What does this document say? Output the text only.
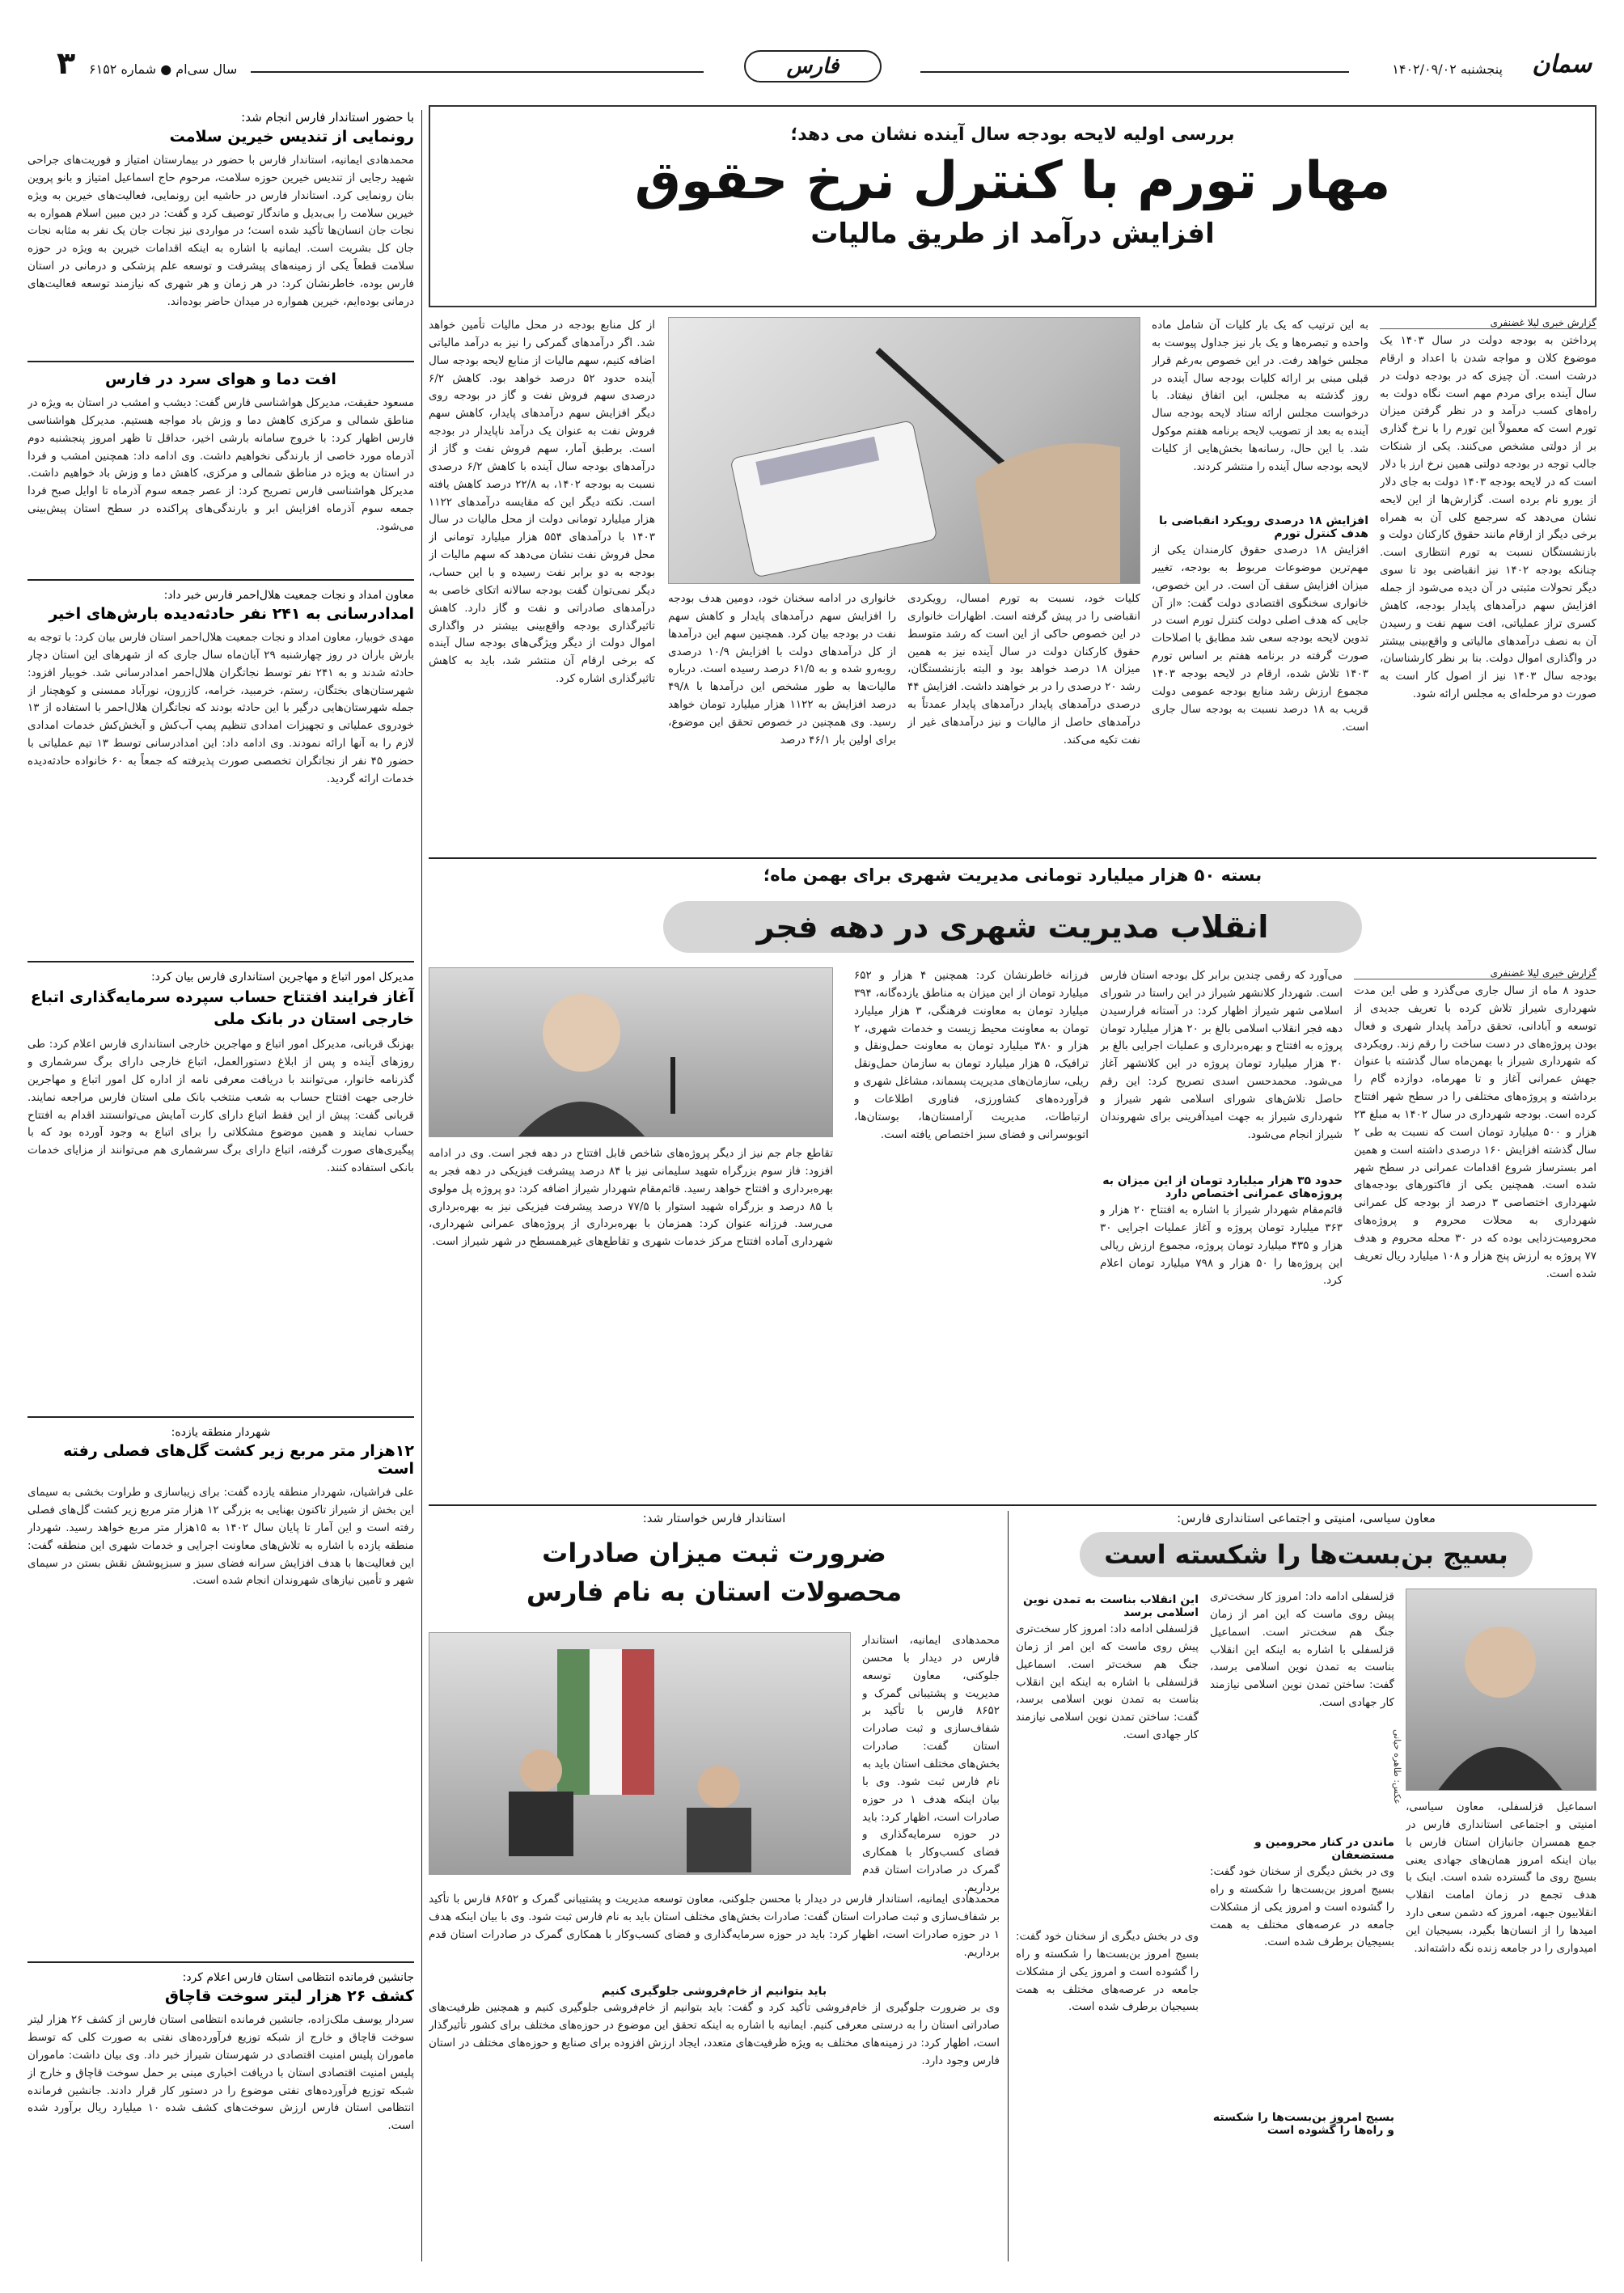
سمان
پنجشنبه ۱۴۰۲/۰۹/۰۲
فارس
سال سی‌ام ● شماره ۶۱۵۲
۳
با حضور استاندار فارس انجام شد:
رونمایی از تندیس خیرین سلامت
محمدهادی ایمانیه، استاندار فارس با حضور در بیمارستان امتیاز و فوریت‌های جراحی شهید رجایی از تندیس خیرین حوزه سلامت، مرحوم حاج اسماعیل امتیاز و بانو پروین بنان رونمایی کرد. استاندار فارس در حاشیه این رونمایی، فعالیت‌های خیرین به ویژه خیرین سلامت را بی‌بدیل و ماندگار توصیف کرد و گفت: در دین مبین اسلام همواره به نجات جان انسان‌ها تأکید شده است؛ در مواردی نیز نجات جان یک نفر به مثابه نجات جان کل بشریت است. ایمانیه با اشاره به اینکه اقدامات خیرین به ویژه در حوزه سلامت قطعاً یکی از زمینه‌های پیشرفت و توسعه علم پزشکی و درمانی در استان فارس بوده، خاطرنشان کرد: در هر زمان و هر شهری که نیازمند توسعه فعالیت‌های درمانی بوده‌ایم، خیرین همواره در میدان حاضر بوده‌اند.
افت دما و هوای سرد در فارس
مسعود حقیقت، مدیرکل هواشناسی فارس گفت: دیشب و امشب در استان به ویژه در مناطق شمالی و مرکزی کاهش دما و وزش باد مواجه هستیم. مدیرکل هواشناسی فارس اظهار کرد: با خروج سامانه بارشی اخیر، حداقل تا ظهر امروز پنجشنبه دوم آذرماه مورد خاصی از بارندگی نخواهیم داشت. وی ادامه داد: همچنین امشب و فردا در استان به ویژه در مناطق شمالی و مرکزی، کاهش دما و وزش باد خواهیم داشت. مدیرکل هواشناسی فارس تصریح کرد: از عصر جمعه سوم آذرماه تا اوایل صبح فردا جمعه سوم آذرماه افزایش ابر و بارندگی‌های پراکنده در سطح استان پیش‌بینی می‌شود.
معاون امداد و نجات جمعیت هلال‌احمر فارس خبر داد:
امدادرسانی به ۲۴۱ نفر حادثه‌دیده بارش‌های اخیر
مهدی خوبیار، معاون امداد و نجات جمعیت هلال‌احمر استان فارس بیان کرد: با توجه به بارش باران در روز چهارشنبه ۲۹ آبان‌ماه سال جاری که از شهرهای این استان دچار حادثه شدند و به ۲۴۱ نفر توسط نجاتگران هلال‌احمر امدادرسانی شد. خوبیار افزود: شهرستان‌های بختگان، رستم، خرمبید، خرامه، کازرون، نورآباد ممسنی و کوهچنار از جمله شهرستان‌هایی درگیر با این حادثه بودند که نجاتگران هلال‌احمر با استفاده از ۱۳ خودروی عملیاتی و تجهیزات امدادی تنظیم پمپ آب‌کش و آبخش‌کش خدمات امدادی لازم را به آنها ارائه نمودند. وی ادامه داد: این امدادرسانی توسط ۱۳ تیم عملیاتی با حضور ۴۵ نفر از نجاتگران تخصصی صورت پذیرفته که جمعاً به ۶۰ خانواده حادثه‌دیده خدمات ارائه گردید.
مدیرکل امور اتباع و مهاجرین استانداری فارس بیان کرد:
آغاز فرایند افتتاح حساب سپرده سرمایه‌گذاری اتباع خارجی استان در بانک ملی
بهزنگ قربانی، مدیرکل امور اتباع و مهاجرین خارجی استانداری فارس اعلام کرد: طی روزهای آینده و پس از ابلاغ دستورالعمل، اتباع خارجی دارای برگ سرشماری و گذرنامه خانوار، می‌توانند با دریافت معرفی نامه از اداره کل امور اتباع و مهاجرین خارجی جهت افتتاح حساب به شعب منتخب بانک ملی استان فارس مراجعه نمایند. قربانی گفت: پیش از این فقط اتباع دارای کارت آمایش می‌توانستند اقدام به افتتاح حساب نمایند و همین موضوع مشکلاتی را برای اتباع به وجود آورده بود که با پیگیری‌های صورت گرفته، اتباع دارای برگ سرشماری هم می‌توانند از مزایای خدمات بانکی استفاده کنند.
شهردار منطقه یازده:
۱۲هزار متر مربع زیر کشت گل‌های فصلی رفته است
علی فراشیان، شهردار منطقه یازده گفت: برای زیباسازی و طراوت بخشی به سیمای این بخش از شیراز تاکنون بهنایی به بزرگی ۱۲ هزار متر مربع زیر کشت گل‌های فصلی رفته است و این آمار تا پایان سال ۱۴۰۲ به ۱۵هزار متر مربع خواهد رسید. شهردار منطقه یازده با اشاره به تلاش‌های معاونت اجرایی و خدمات شهری این منطقه گفت: این فعالیت‌ها با هدف افزایش سرانه فضای سبز و سبزپوشش نقش بستن در سیمای شهر و تأمین نیازهای شهروندان انجام شده است.
جانشین فرمانده انتظامی استان فارس اعلام کرد:
کشف ۲۶ هزار لیتر سوخت قاچاق
سردار یوسف ملک‌زاده، جانشین فرمانده انتظامی استان فارس از کشف ۲۶ هزار لیتر سوخت قاچاق و خارج از شبکه توزیع فرآورده‌های نفتی به صورت کلی که توسط ماموران پلیس امنیت اقتصادی در شهرستان شیراز خبر داد. وی بیان داشت: ماموران پلیس امنیت اقتصادی استان با دریافت اخباری مبنی بر حمل سوخت قاچاق و خارج از شبکه توزیع فرآورده‌های نفتی موضوع را در دستور کار قرار دادند. جانشین فرمانده انتظامی استان فارس ارزش سوخت‌های کشف شده ۱۰ میلیارد ریال برآورد شده است.
بررسی اولیه لایحه بودجه سال آینده نشان می دهد؛
مهار تورم با کنترل نرخ حقوق
افزایش درآمد از طریق مالیات
گزارش خبری لیلا غضنفری
پرداختن به بودجه دولت در سال ۱۴۰۳ یک موضوع کلان و مواجه شدن با اعداد و ارقام درشت است. آن چیزی که در بودجه دولت در سال آینده برای مردم مهم است نگاه دولت به راه‌های کسب درآمد و در نظر گرفتن میزان تورم است که معمولاً این تورم را با نرخ گذاری بر از دولتی مشخص می‌کنند. یکی از شنکات جالب توجه در بودجه دولتی همین نرخ ارز با دلار است که در لایحه بودجه ۱۴۰۳ دولت به جای دلار از یورو نام برده است. گزارش‌ها از این لایحه نشان می‌دهد که سرجمع کلی آن به همراه برخی دیگر از ارقام مانند حقوق کارکنان دولت و بازنشستگان نسبت به تورم انتظاری است. چنانکه بودجه ۱۴۰۲ نیز انقباضی بود تا سوی دیگر تحولات مثبتی در آن دیده می‌شود از جمله افزایش سهم درآمدهای پایدار بودجه، کاهش کسری تراز عملیاتی، افت سهم نفت و رسیدن آن به نصف درآمدهای مالیاتی و واقع‌بینی بیشتر در واگذاری اموال دولت. بنا بر نظر کارشناسان، بودجه سال ۱۴۰۳ نیز از اصول کار است به صورت دو مرحله‌ای به مجلس ارائه شود.
به این ترتیب که یک بار کلیات آن شامل ماده واحده و تبصره‌ها و یک بار نیز جداول پیوست به مجلس خواهد رفت. در این خصوص به‌رغم قرار قبلی مبنی بر ارائه کلیات بودجه سال آینده در روز گذشته به مجلس، این اتفاق نیفتاد. با درخواست مجلس ارائه ستاد لایحه بودجه سال آینده به بعد از تصویب لایحه برنامه هفتم موکول شد. با این حال، رسانه‌ها بخش‌هایی از کلیات لایحه بودجه سال آینده را منتشر کردند.
افزایش ۱۸ درصدی رویکرد انقباضی با هدف کنترل تورم
افزایش ۱۸ درصدی حقوق کارمندان یکی از مهم‌ترین موضوعات مربوط به بودجه، تغییر میزان افزایش سقف آن است. در این خصوص، خانواری سخنگوی اقتصادی دولت گفت: «از آن جایی که هدف اصلی دولت کنترل تورم است در تدوین لایحه بودجه سعی شد مطابق با اصلاحات صورت گرفته در برنامه هفتم بر اساس تورم ۱۴۰۳ تلاش شده، ارقام در لایحه بودجه ۱۴۰۳ مجموع ارزش رشد منابع بودجه عمومی دولت قریب به ۱۸ درصد نسبت به بودجه سال جاری است.
کلیات خود، نسبت به تورم امسال، رویکردی انقباضی را در پیش گرفته است. اظهارات خانواری در این خصوص حاکی از این است که رشد متوسط حقوق کارکنان دولت در سال آینده نیز به همین میزان ۱۸ درصد خواهد بود و البته بازنشستگان، رشد ۲۰ درصدی را در بر خواهند داشت. افزایش ۴۴ درصدی درآمدهای پایدار درآمدهای پایدار عمدتاً به درآمدهای حاصل از مالیات و نیز درآمدهای غیر از نفت تکیه می‌کند.
خانواری در ادامه سخنان خود، دومین هدف بودجه را افزایش سهم درآمدهای پایدار و کاهش سهم نفت در بودجه بیان کرد. همچنین سهم این درآمدها از کل درآمدهای دولت با افزایش ۱۰/۹ درصدی روبه‌رو شده و به ۶۱/۵ درصد رسیده است. درباره مالیات‌ها به طور مشخص این درآمدها با ۴۹/۸ درصد افزایش به ۱۱۲۲ هزار میلیارد تومان خواهد رسید. وی همچنین در خصوص تحقق این موضوع، برای اولین بار ۴۶/۱ درصد
از کل منابع بودجه در محل مالیات تأمین خواهد شد. اگر درآمدهای گمرکی را نیز به درآمد مالیاتی اضافه کنیم، سهم مالیات از منابع لایحه بودجه سال آینده حدود ۵۲ درصد خواهد بود. کاهش ۶/۲ درصدی سهم فروش نفت و گاز در بودجه روی دیگر افزایش سهم درآمدهای پایدار، کاهش سهم فروش نفت به عنوان یک درآمد ناپایدار در بودجه است. برطبق آمار، سهم فروش نفت و گاز از درآمدهای بودجه سال آینده با کاهش ۶/۲ درصدی نسبت به بودجه ۱۴۰۲، به ۲۲/۸ درصد کاهش یافته است. نکته دیگر این که مقایسه درآمدهای ۱۱۲۲ هزار میلیارد تومانی دولت از محل مالیات در سال ۱۴۰۳ با درآمدهای ۵۵۴ هزار میلیارد تومانی از محل فروش نفت نشان می‌دهد که سهم مالیات از بودجه به دو برابر نفت رسیده و با این حساب، دیگر نمی‌توان گفت بودجه سالانه اتکای خاصی به درآمدهای صادراتی و نفت و گاز دارد. کاهش تاثیرگذاری بودجه واقع‌بینی بیشتر در واگذاری اموال دولت از دیگر ویژگی‌های بودجه سال آینده که برخی ارقام آن منتشر شد، باید به کاهش تاثیرگذاری اشاره کرد.
بسته ۵۰ هزار میلیارد تومانی مدیریت شهری برای بهمن ماه؛
انقلاب مدیریت شهری در دهه فجر
گزارش خبری لیلا غضنفری
حدود ۸ ماه از سال جاری می‌گذرد و طی این مدت شهرداری شیراز تلاش کرده با تعریف جدیدی از توسعه و آبادانی، تحقق درآمد پایدار شهری و فعال بودن پروژه‌های در دست ساخت را رقم زند. رویکردی که شهرداری شیراز با بهمن‌ماه سال گذشته با عنوان جهش عمرانی آغاز و تا مهرماه، دوازده گام را برداشته و پروژه‌های مختلفی را در سطح شهر افتتاح کرده است. بودجه شهرداری در سال ۱۴۰۲ به مبلغ ۲۳ هزار و ۵۰۰ میلیارد تومان است که نسبت به طی ۲ سال گذشته افزایش ۱۶۰ درصدی داشته است و همین امر بسترساز شروع اقدامات عمرانی در سطح شهر شده است. همچنین یکی از فاکتورهای بودجه‌های شهرداری اختصاصی ۳ درصد از بودجه کل عمرانی شهرداری به محلات محروم و پروژه‌های محرومیت‌زدایی بوده که در ۳۰ محله محروم و هدف ۷۷ پروژه به ارزش پنج هزار و ۱۰۸ میلیارد ریال تعریف شده است.
می‌آورد که رقمی چندین برابر کل بودجه استان فارس است. شهردار کلانشهر شیراز در این راستا در شورای اسلامی شهر شیراز اظهار کرد: در آستانه فرارسیدن دهه فجر انقلاب اسلامی بالغ بر ۲۰ هزار میلیارد تومان پروژه به افتتاح و بهره‌برداری و عملیات اجرایی بالغ بر ۳۰ هزار میلیارد تومان پروژه در این کلانشهر آغاز می‌شود. محمدحسن اسدی تصریح کرد: این رقم حاصل تلاش‌های شورای اسلامی شهر شیراز و شهرداری شیراز به جهت امیدآفرینی برای شهروندان شیراز انجام می‌شود.
حدود ۳۵ هزار میلیارد تومان از این میزان به پروژه‌های عمرانی اختصاص دارد
قائم‌مقام شهردار شیراز با اشاره به افتتاح ۲۰ هزار و ۳۶۳ میلیارد تومان پروژه و آغاز عملیات اجرایی ۳۰ هزار و ۴۳۵ میلیارد تومان پروژه، مجموع ارزش ریالی این پروژه‌ها را ۵۰ هزار و ۷۹۸ میلیارد تومان اعلام کرد.
فرزانه خاطرنشان کرد: همچنین ۴ هزار و ۶۵۲ میلیارد تومان از این میزان به مناطق یازده‌گانه، ۳۹۴ میلیارد تومان به معاونت فرهنگی، ۳ هزار میلیارد تومان به معاونت محیط زیست و خدمات شهری، ۲ هزار و ۳۸۰ میلیارد تومان به معاونت حمل‌ونقل و ترافیک، ۵ هزار میلیارد تومان به سازمان حمل‌ونقل ریلی، سازمان‌های مدیریت پسماند، مشاغل شهری و فرآورده‌های کشاورزی، فناوری اطلاعات و ارتباطات، مدیریت آرامستان‌ها، بوستان‌ها، اتوبوسرانی و فضای سبز اختصاص یافته است.
تقاطع جام جم نیز از دیگر پروژه‌های شاخص قابل افتتاح در دهه فجر است. وی در ادامه افزود: فاز سوم بزرگراه شهید سلیمانی نیز با ۸۴ درصد پیشرفت فیزیکی در دهه فجر به بهره‌برداری و افتتاح خواهد رسید. قائم‌مقام شهردار شیراز اضافه کرد: دو پروژه پل مولوی با ۸۵ درصد و بزرگراه شهید استوار با ۷۷/۵ درصد پیشرفت فیزیکی نیز به بهره‌برداری می‌رسد. فرزانه عنوان کرد: همزمان با بهره‌برداری از پروژه‌های عمرانی شهرداری، شهرداری آماده افتتاح مرکز خدمات شهری و تقاطع‌های غیرهمسطح در شهر شیراز است.
معاون سیاسی، امنیتی و اجتماعی استانداری فارس:
بسیج بن‌بست‌ها را شکسته است
عکس: طاهره حیانی
اسماعیل قزلسفلی، معاون سیاسی، امنیتی و اجتماعی استانداری فارس در جمع همسران جانبازان استان فارس با بیان اینکه امروز همان‌های جهادی یعنی بسیج روی ما گسترده شده است. اینک با هدف تجمع در زمان امامت انقلاب انقلابیون جبهه، امروز که دشمن سعی دارد امیدها را از انسان‌ها بگیرد، بسیجیان این امیدواری را در جامعه زنده نگه داشته‌اند.
قزلسفلی ادامه داد: امروز کار سخت‌تری پیش روی ماست که این امر از زمان جنگ هم سخت‌تر است. اسماعیل قزلسفلی با اشاره به اینکه این انقلاب بناست به تمدن نوین اسلامی برسد، گفت: ساختن تمدن نوین اسلامی نیازمند کار جهادی است.
ماندن در کنار محرومین و مستضعفان
وی در بخش دیگری از سخنان خود گفت: بسیج امروز بن‌بست‌ها را شکسته و راه را گشوده است و امروز یکی از مشکلات جامعه در عرصه‌های مختلف به همت بسیجیان برطرف شده است.
بسیج امروز بن‌بست‌ها را شکسته و راه‌ها را گشوده است
این انقلاب بناست به تمدن نوین اسلامی برسد
قزلسفلی ادامه داد: امروز کار سخت‌تری پیش روی ماست که این امر از زمان جنگ هم سخت‌تر است. اسماعیل قزلسفلی با اشاره به اینکه این انقلاب بناست به تمدن نوین اسلامی برسد، گفت: ساختن تمدن نوین اسلامی نیازمند کار جهادی است.
وی در بخش دیگری از سخنان خود گفت: بسیج امروز بن‌بست‌ها را شکسته و راه را گشوده است و امروز یکی از مشکلات جامعه در عرصه‌های مختلف به همت بسیجیان برطرف شده است.
استاندار فارس خواستار شد:
ضرورت ثبت میزان صادرات محصولات استان به نام فارس
محمدهادی ایمانیه، استاندار فارس در دیدار با محسن جلوکنی، معاون توسعه مدیریت و پشتیبانی گمرک و ۸۶۵۲ فارس با تأکید بر شفاف‌سازی و ثبت صادرات استان گفت: صادرات بخش‌های مختلف استان باید به نام فارس ثبت شود. وی با بیان اینکه هدف ۱ در حوزه صادرات است، اظهار کرد: باید در حوزه سرمایه‌گذاری و فضای کسب‌وکار با همکاری گمرک در صادرات استان قدم برداریم.
محمدهادی ایمانیه، استاندار فارس در دیدار با محسن جلوکنی، معاون توسعه مدیریت و پشتیبانی گمرک و ۸۶۵۲ فارس با تأکید بر شفاف‌سازی و ثبت صادرات استان گفت: صادرات بخش‌های مختلف استان باید به نام فارس ثبت شود. وی با بیان اینکه هدف ۱ در حوزه صادرات است، اظهار کرد: باید در حوزه سرمایه‌گذاری و فضای کسب‌وکار با همکاری گمرک در صادرات استان قدم برداریم.
باید بتوانیم از خام‌فروشی جلوگیری کنیم
وی بر ضرورت جلوگیری از خام‌فروشی تأکید کرد و گفت: باید بتوانیم از خام‌فروشی جلوگیری کنیم و همچنین ظرفیت‌های صادراتی استان را به درستی معرفی کنیم. ایمانیه با اشاره به اینکه تحقق این موضوع در حوزه‌های مختلف برای کشور تأثیرگذار است، اظهار کرد: در زمینه‌های مختلف به ویژه ظرفیت‌های متعدد، ایجاد ارزش افزوده برای صنایع و حوزه‌های مختلف در استان فارس وجود دارد.
